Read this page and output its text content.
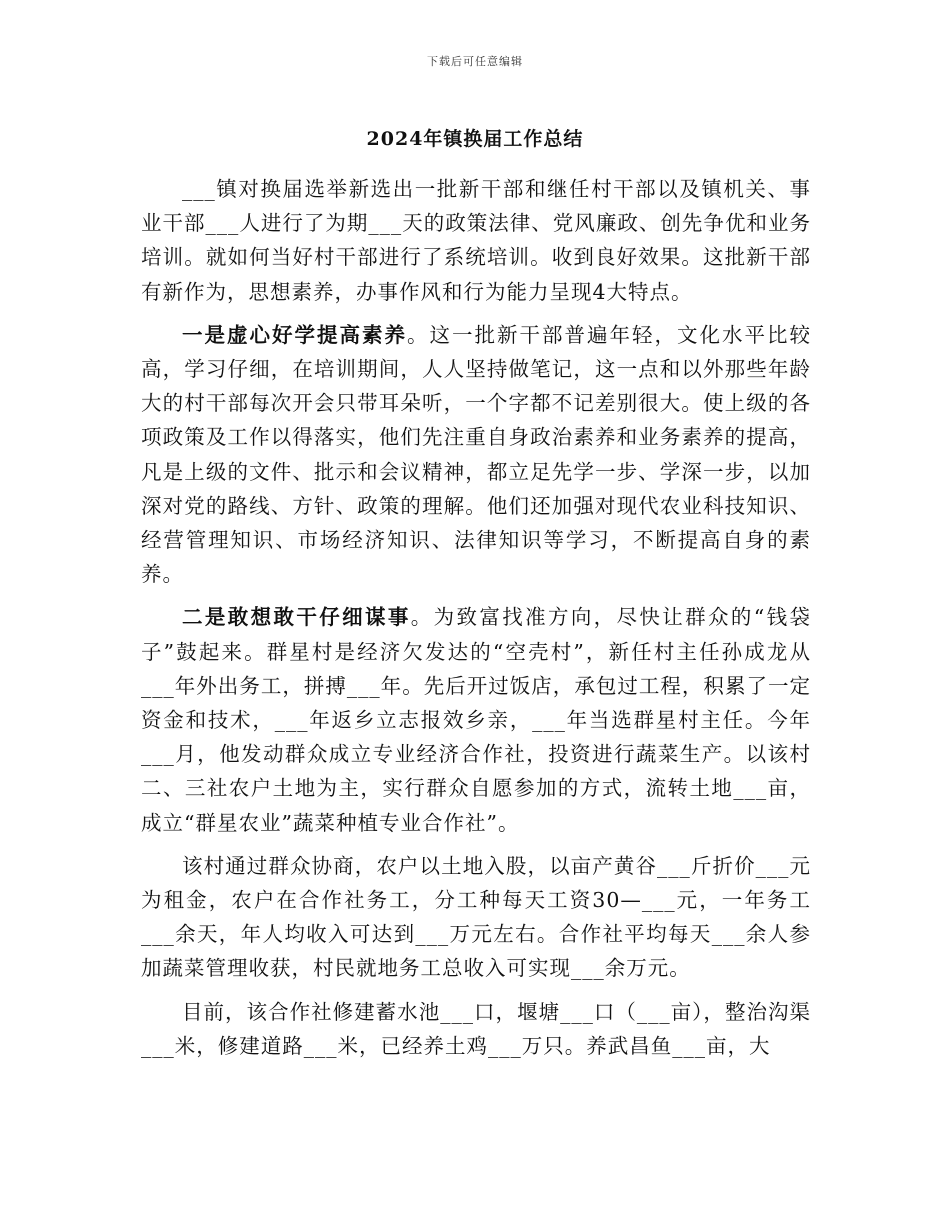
下载后可任意编辑
2024年镇换届工作总结

___镇对换届选举新选出一批新干部和继任村干部以及镇机关、事业干部___人进行了为期___天的政策法律、党风廉政、创先争优和业务培训。就如何当好村干部进行了系统培训。收到良好效果。这批新干部有新作为，思想素养，办事作风和行为能力呈现4大特点。

一是虚心好学提高素养。这一批新干部普遍年轻，文化水平比较高，学习仔细，在培训期间，人人坚持做笔记，这一点和以外那些年龄大的村干部每次开会只带耳朵听，一个字都不记差别很大。使上级的各项政策及工作以得落实，他们先注重自身政治素养和业务素养的提高，凡是上级的文件、批示和会议精神，都立足先学一步、学深一步，以加深对党的路线、方针、政策的理解。他们还加强对现代农业科技知识、经营管理知识、市场经济知识、法律知识等学习，不断提高自身的素养。

二是敢想敢干仔细谋事。为致富找准方向，尽快让群众的“钱袋子”鼓起来。群星村是经济欠发达的“空壳村”，新任村主任孙成龙从___年外出务工，拼搏___年。先后开过饭店，承包过工程，积累了一定资金和技术，___年返乡立志报效乡亲，___年当选群星村主任。今年___月，他发动群众成立专业经济合作社，投资进行蔬菜生产。以该村二、三社农户土地为主，实行群众自愿参加的方式，流转土地___亩，成立“群星农业”蔬菜种植专业合作社”。

该村通过群众协商，农户以土地入股，以亩产黄谷___斤折价___元为租金，农户在合作社务工，分工种每天工资30—___元，一年务工___余天，年人均收入可达到___万元左右。合作社平均每天___余人参加蔬菜管理收获，村民就地务工总收入可实现___余万元。

目前，该合作社修建蓄水池___口，堰塘___口（___亩），整治沟渠___米，修建道路___米，已经养土鸡___万只。养武昌鱼___亩，大
